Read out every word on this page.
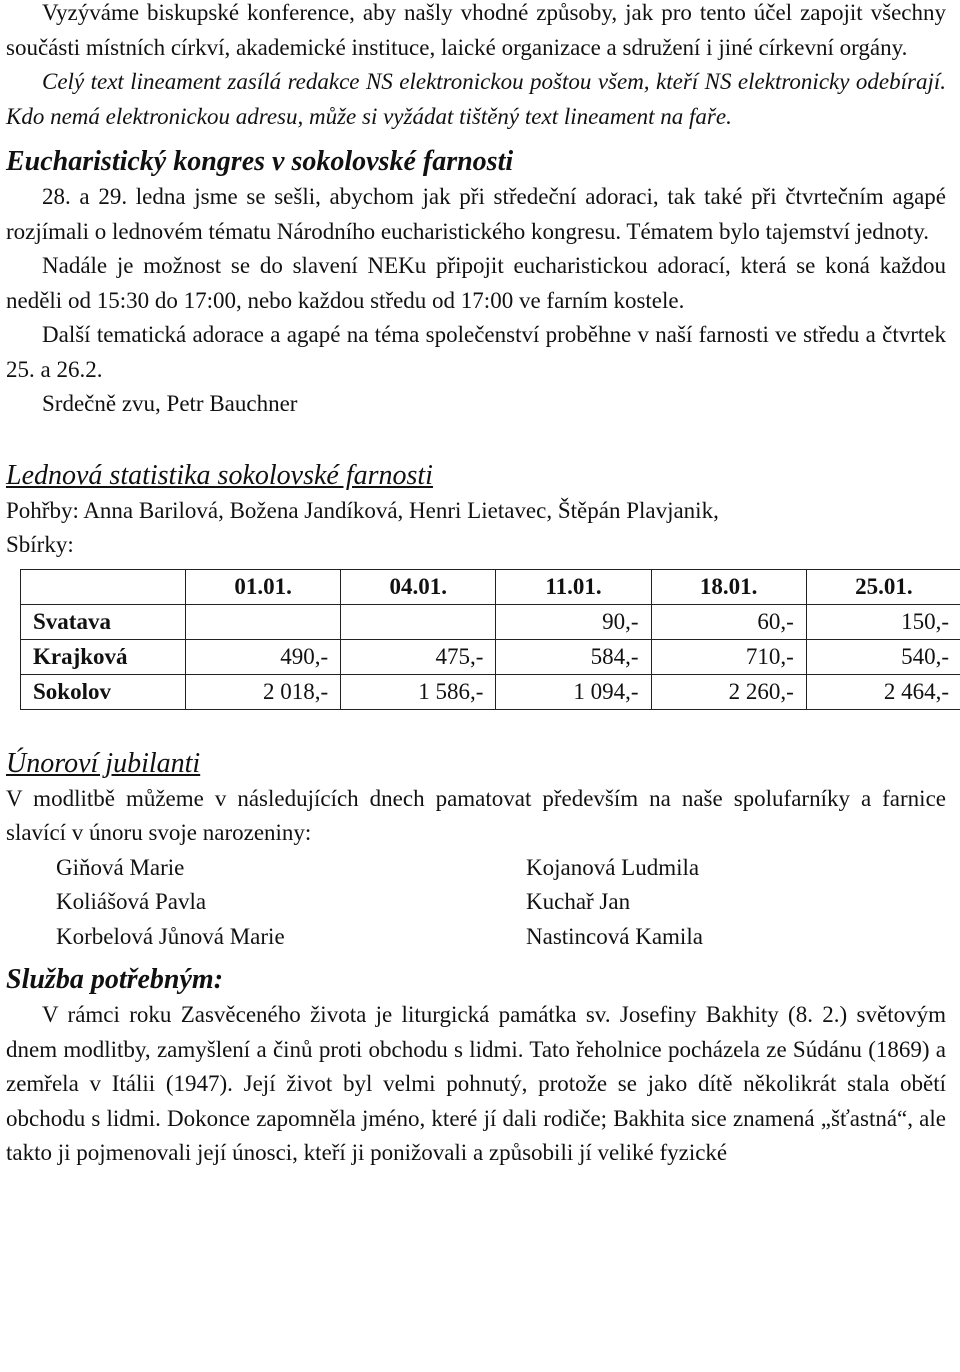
Vyzýváme biskupské konference, aby našly vhodné způsoby, jak pro tento účel zapojit všechny součásti místních církví, akademické instituce, laické organizace a sdružení i jiné církevní orgány.

Celý text lineament zasílá redakce NS elektronickou poštou všem, kteří NS elektronicky odebírají. Kdo nemá elektronickou adresu, může si vyžádat tištěný text lineament na faře.

Eucharistický kongres v sokolovské farnosti

28. a 29. ledna jsme se sešli, abychom jak při středeční adoraci, tak také při čtvrtečním agapé rozjímali o lednovém tématu Národního eucharistického kongresu. Tématem bylo tajemství jednoty.

Nadále je možnost se do slavení NEKu připojit eucharistickou adorací, která se koná každou neděli od 15:30 do 17:00, nebo každou středu od 17:00 ve farním kostele.

Další tematická adorace a agapé na téma společenství proběhne v naší farnosti ve středu a čtvrtek 25. a 26.2.

Srdečně zvu, Petr Bauchner

Lednová statistika sokolovské farnosti

Pohřby: Anna Barilová, Božena Jandíková, Henri Lietavec, Štěpán Plavjanik,

Sbírky:

	01.01.	04.01.	11.01.	18.01.	25.01.
Svatava			90,-	60,-	150,-
Krajková	490,-	475,-	584,-	710,-	540,-
Sokolov	2 018,-	1 586,-	1 094,-	2 260,-	2 464,-
Únoroví jubilanti

V modlitbě můžeme v následujících dnech pamatovat především na naše spolufarníky a farnice slavící v únoru svoje narozeniny:

Giňová Marie	Kojanová Ludmila
Koliášová Pavla	Kuchař Jan
Korbelová Jůnová Marie	Nastincová Kamila
Služba potřebným:

V rámci roku Zasvěceného života je liturgická památka sv. Josefiny Bakhity (8. 2.) světovým dnem modlitby, zamyšlení a činů proti obchodu s lidmi. Tato řeholnice pocházela ze Súdánu (1869) a zemřela v Itálii (1947). Její život byl velmi pohnutý, protože se jako dítě několikrát stala obětí obchodu s lidmi. Dokonce zapomněla jméno, které jí dali rodiče; Bakhita sice znamená „šťastná“, ale takto ji pojmenovali její únosci, kteří ji ponižovali a způsobili jí veliké fyzické
